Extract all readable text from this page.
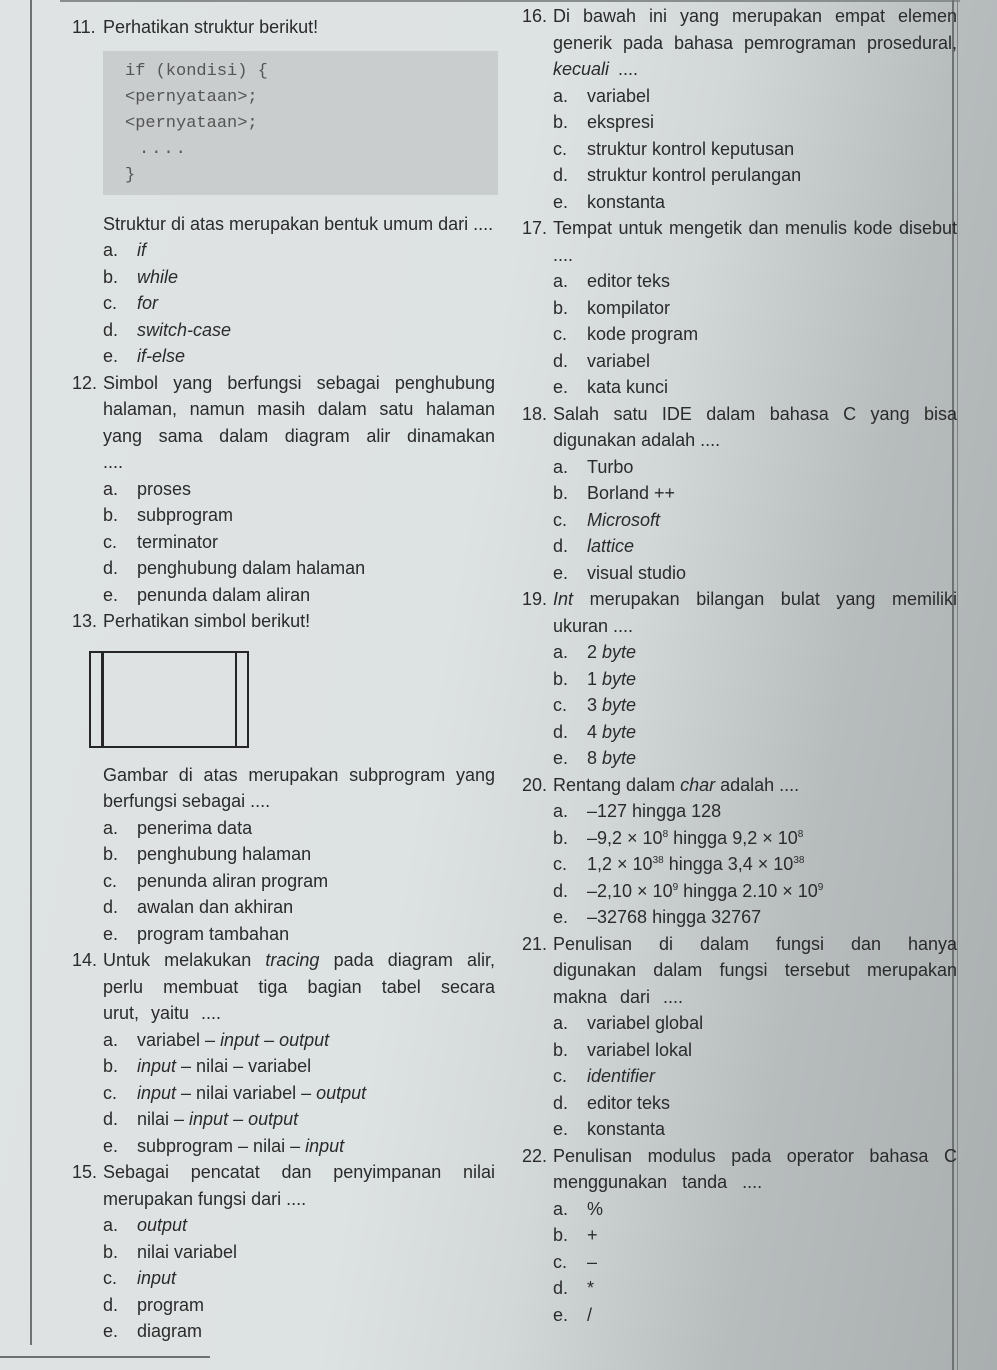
11. Perhatikan struktur berikut!
if (kondisi) {
<pernyataan>;
<pernyataan>;
....
}
Struktur di atas merupakan bentuk umum dari ....
a.	if
b.	while
c.	for
d.	switch-case
e.	if-else
12. Simbol yang berfungsi sebagai penghubung halaman, namun masih dalam satu halaman yang sama dalam diagram alir dinamakan ....
a.	proses
b.	subprogram
c.	terminator
d.	penghubung dalam halaman
e.	penunda dalam aliran
13. Perhatikan simbol berikut!
Gambar di atas merupakan subprogram yang berfungsi sebagai ....
a.	penerima data
b.	penghubung halaman
c.	penunda aliran program
d.	awalan dan akhiran
e.	program tambahan
14. Untuk melakukan tracing pada diagram alir, perlu membuat tiga bagian tabel secara urut, yaitu ....
a.	variabel – input – output
b.	input – nilai – variabel
c.	input – nilai variabel – output
d.	nilai – input – output
e.	subprogram – nilai – input
15. Sebagai pencatat dan penyimpanan nilai merupakan fungsi dari ....
a.	output
b.	nilai variabel
c.	input
d.	program
e.	diagram
16. Di bawah ini yang merupakan empat elemen generik pada bahasa pemrograman prosedural, kecuali ....
a.	variabel
b.	ekspresi
c.	struktur kontrol keputusan
d.	struktur kontrol perulangan
e.	konstanta
17. Tempat untuk mengetik dan menulis kode disebut ....
a.	editor teks
b.	kompilator
c.	kode program
d.	variabel
e.	kata kunci
18. Salah satu IDE dalam bahasa C yang bisa digunakan adalah ....
a.	Turbo
b.	Borland ++
c.	Microsoft
d.	lattice
e.	visual studio
19. Int merupakan bilangan bulat yang memiliki ukuran ....
a.	2
byte
b.	1
byte
c.	3
byte
d.	4
byte
e.	8
byte
20. Rentang dalam char adalah ....
a.	–127 hingga 128
b.	$-9,2 \times 10^8$ hingga $9,2 \times 10^8$
c.	$1,2 \times 10^{38}$ hingga $3,4 \times 10^{38}$
d.	$-2,10 \times 10^9$ hingga $2.10 \times 10^9$
e.	–32768 hingga 32767
21. Penulisan di dalam fungsi dan hanya digunakan dalam fungsi tersebut merupakan makna dari ....
a.	variabel global
b.	variabel lokal
c.	identifier
d.	editor teks
e.	konstanta
22. Penulisan modulus pada operator bahasa C menggunakan tanda ....
a.	%
b.	+
c.	–
d.	*
e.	/
